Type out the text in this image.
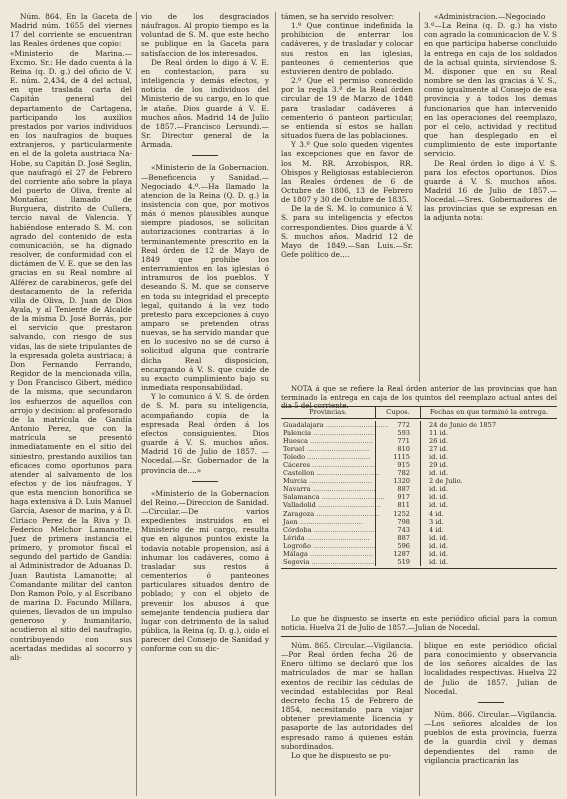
Núm. 864. En la Gaceta de Madrid núm. 1655 del viernes 17 del corriente se encuentran las Reales órdenes que copio:

«Ministerio de Marina.— Excmo. Sr.: He dado cuenta á la Reina (q. D. g.) del oficio de V. E. núm. 2,434, de 4 del actual, en que traslada carta del Capitán general del departamento de Cartagena, participando los auxilios prestados por varios individuos en los naufragios de buques extranjeros, y particularmente en el de la goleta austriaca Na-Hobe, su Capitán D. José Seglin, que naufragó el 27 de Febrero del corriente año sobre la playa del puerto de Oliva, frente al Montañar, llamado de Burguera, distrito de Cullera, tercio naval de Valencia. Y habiéndose enterado S. M. con agrado del contenido de esta comunicación, se ha dignado resolver, de conformidad con el dictámen de V. E. que se den las gracias en su Real nombre al Alférez de carabineros, gefe del destacamento de la referida villa de Oliva, D. Juan de Dios Ayala, y al Teniente de Alcalde de la misma D. José Borrás, por el servicio que prestaron salvando, con riesgo de sus vidas, las de siete tripulantes de la espresada goleta austriaca; á Don Fernando Ferrando, Regidor de la mencionada villa, y Don Francisco Gibert, médico de la misma, que secundaron los esfuerzos de aquellos con arrojo y decision: al profesorado de la matrícula de Gandía Antonio Perez, que con la matrícula se presentó inmediatamente en el sitio del siniestro, prestando auxilios tan eficaces como oportunos para atender al salvamento de los efectos y de los náufragos. Y que esta mencion honorífica se haga extensiva á D. Luis Manuel García, Asesor de marina, y á D. Ciriaco Perez de la Riva y D. Federico Melchor Lamanotte, Juez de primera instancia el primero, y promotor fiscal el segundo del partido de Gandía: al Administrador de Aduanas D. Juan Bautista Lamanotte; al Comandante militar del canton Don Ramon Polo, y al Escribano de marina D. Facundo Millara, quienes, llevados de un impulso generoso y humanitario, acudieron al sitio del naufragio, contribuyendo con sus acertadas medidas al socorro y ali-

vio de los desgraciados náufragos. Al propio tiempo es la voluntad de S. M. que este hecho se publique en la Gaceta para satisfaccion de los interesados.

De Real órden lo digo á V. E. en contestacion, para su inteligencia y demás efectos, y noticia de los individuos del Ministerio de su cargo, en lo que le atañe. Dios guarde á V. E. muchos años. Madrid 14 de Julio de 1857.—Francisco Lersundi.— Sr. Director general de la Armada.

«Ministerio de la Gobernacion.—Beneficencia y Sanidad.—Negociado 4.º.—Ha llamado la atencion de la Reina (Q. D. g.) la insistencia con que, por motivos más ó menos plausibles aunque siempre piadosos, se solicitan autorizaciones contrarias á lo terminantemente prescrito en la Real órden de 12 de Mayo de 1849 que prohibe los enterramientos en las iglesias ó intramuros de los pueblos. Y deseando S. M. que se conserve en toda su integridad el precepto legal, quitando á la vez todo pretesto para excepciones á cuyo amparo se pretenden otras nuevas, se ha servido mandar que en lo sucesivo no se dé curso á solicitud alguna que contraríe dicha Real disposicion, encargando á V. S. que cuide de su exacto cumplimiento bajo su inmediata responsabilidad.

Y lo comunico á V. S. de órden de S. M. para su inteligencia, acompañando copia de la espresada Real órden á los efectos consiguientes. Dios guarde á V. S. muchos años. Madrid 16 de Julio de 1857. —Nocedal.—Sr. Gobernador de la provincia de....»

«Ministerio de la Gobernacion del Reino.—Direccion de Sanidad.—Circular.—De varios expedientes instruidos en el Ministerio de mi cargo, resulta que en algunos puntos existe la todavía notable propension, así á inhumar los cadáveres, como á trasladar sus restos á cementerios ó panteones particulares situados dentro de poblado; y con el objeto de prevenir los abusos á que semejante tendencia pudiera dar lugar con detrimento de la salud pública, la Reina (q. D. g.), oido el parecer del Consejo de Sanidad y conforme con su dic-

támen, se ha servido resolver:

1.º Que continue indefinida la prohibicion de enterrar los cadáveres, y de trasladar y colocar sus restos en las iglesias, panteones ó cementerios que estuvieren dentro de poblado.

2.º Que el permiso concedido por la regla 3.ª de la Real órden circular de 19 de Marzo de 1848 para trasladar cadáveres á cementerio ó panteon particular, se entienda sí estos se hallan situados fuera de las poblaciones.

Y 3.º Que solo queden vigentes las excepciones que en favor de los M. RR. Arzobispos, RR. Obispos y Religiosas establecieron las Reales órdenes de 6 de Octubre de 1806, 13 de Febrero de 1807 y 30 de Octubre de 1835.

De la de S. M. lo comunico á V. S. para su inteligencia y efectos correspondientes. Dios guarde á V. S. muchos años. Madrid 12 de Mayo de 1849.—San Luis.—Sr. Gefe político de....

«Administracion.—Negociado 3.º—La Reina (q. D. g.) ha visto con agrado la comunicacion de V. S en que participa haberse concluido la entrega en caja de los soldados de la actual quinta, sirviendose S. M. disponer que en su Real nombre se den las gracias á V. S., como igualmente al Consejo de esa provincia y á todos los demas funcionarios que han intervenido en las operaciones del reemplazo, por el celo, actividad y rectitud que han desplegado en el cumplimiento de este importante servicio.

De Real órden lo digo á V. S. para los efectos oportunos. Dios guarde á V. S. muchos años. Madrid 16 de Julio de 1857.—Nocedal.—Sres. Gobernadores de las provincias que se expresan en la adjunta nota:

NOTA á que se refiere la Real órden anterior de las provincias que han terminado la entrega en caja de los quintos del reemplazo actual antes del dia 5 del corriente.

Provincias.	Cupos.	Fechas en que terminó la entrega.
Guadalajara ..............................
Palencia ..............................
Huesca ..............................
Teruel ..............................
Toledo ..............................
Cáceres ..............................
Castellon ..............................
Murcia ..............................
Navarra ..............................
Salamanca ..............................
Valladolid ..............................
Zaragoza ..............................
Jaen ..............................
Córdoba ..............................
Lérida ..............................
Logroño ..............................
Málaga ..............................
Segovia ..............................
772
593
771
810
1115
915
782
1320
887
917
811
1252
798
743
887
596
1287
519
24 de Junio de 1857
11 id.
26 id.
27 id.
id. id.
29 id.
id. id.
2 de Julio.
id. id.
id. id.
id. id.
4 id.
3 id.
4 id.
id. id.
id. id.
id. id.
id. id.

Lo que he dispuesto se inserte en este periódico oficial para la comun noticia. Huelva 21 de Julio de 1857.—Julian de Nocedal.

Núm. 865. Circular.—Vigilancia.—Por Real órden fecha 26 de Enero último se declaró que los matriculados de mar se hallan exentos de recibir las cédulas de vecindad establecidas por Real decreto fecha 15 de Febrero de 1854, necesitando para viajar obtener previamente licencia y pasaporte de las autoridades del espresado ramo á quienes están subordinados.

Lo que he dispuesto se pu-

blique en este periódico oficial para conocimiento y observancia de los señores alcaldes de las localidades respectivas. Huelva 22 de Julio de 1857. Julian de Nocedal.

Núm. 866. Circular.—Vigilancia.—Los señores alcaldes de los pueblos de esta provincia, fuerza de la guardia civil y demas dependientes del ramo de vigilancia practicarán las
